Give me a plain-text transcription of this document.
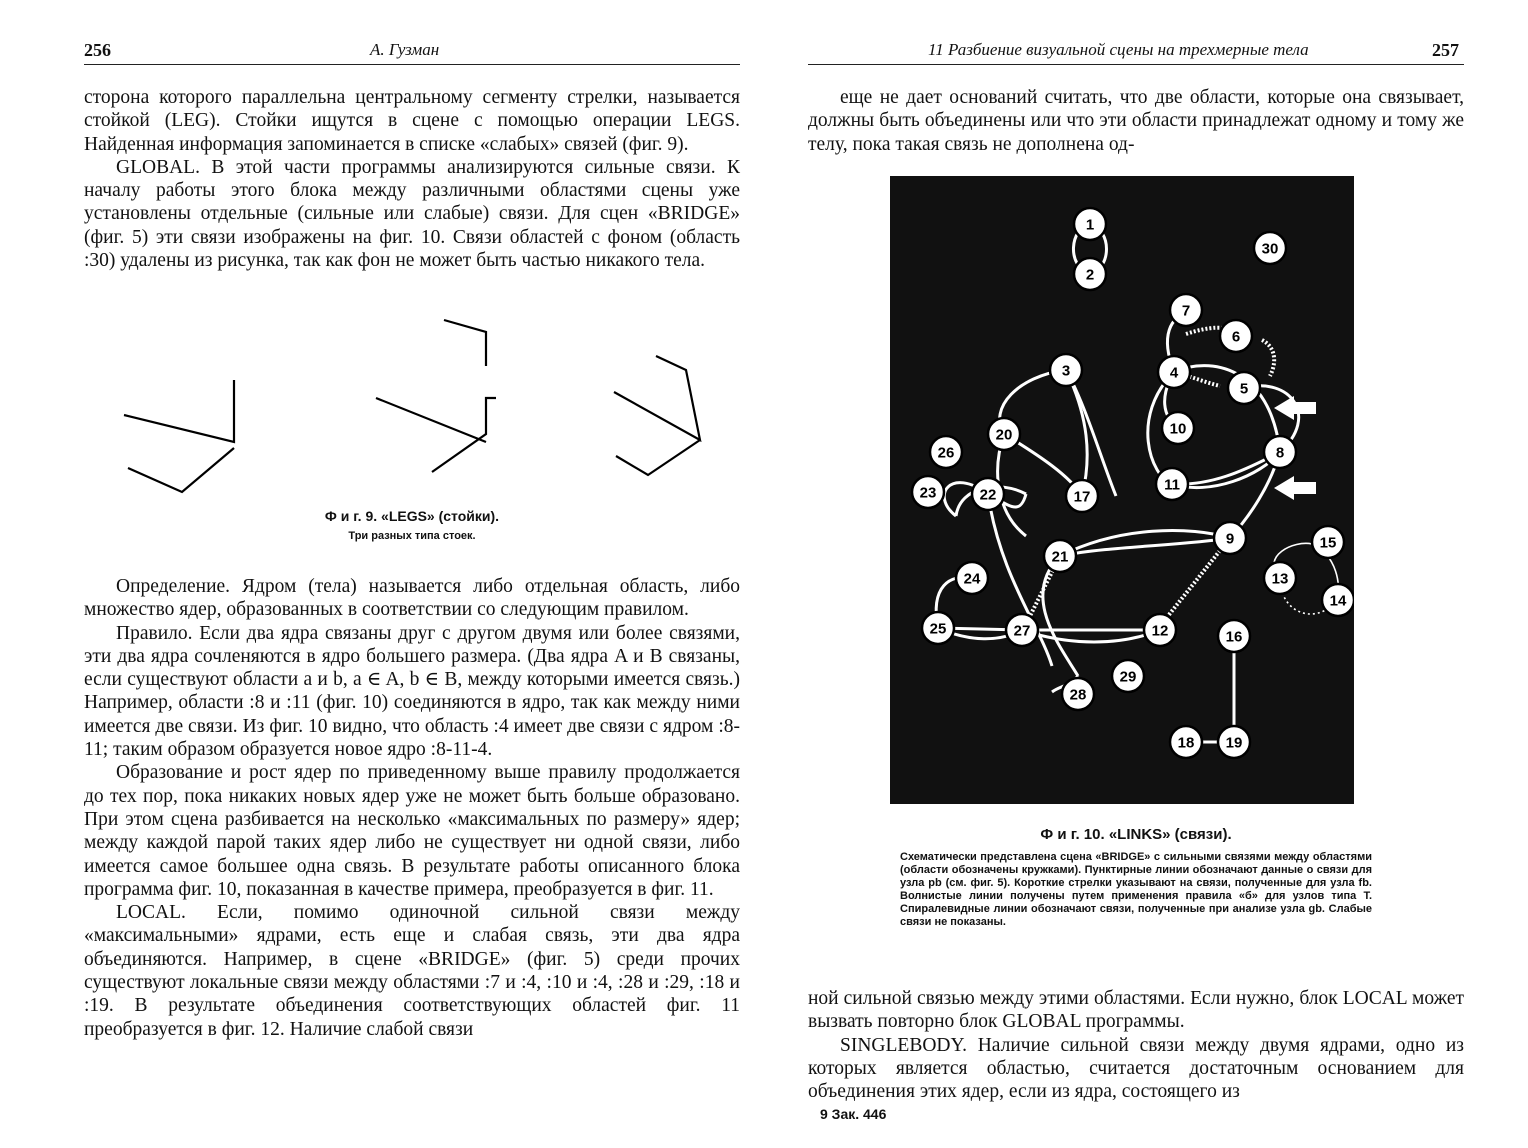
256	А. Гузман

сторона которого параллельна центральному сегменту стрелки, называется стойкой (LEG). Стойки ищутся в сцене с помощью операции LEGS. Найденная информация запоминается в списке «слабых» связей (фиг. 9).

GLOBAL. В этой части программы анализируются сильные связи. К началу работы этого блока между различными областями сцены уже установлены отдельные (сильные или слабые) связи. Для сцен «BRIDGE» (фиг. 5) эти связи изображены на фиг. 10. Связи областей с фоном (область :30) удалены из рисунка, так как фон не может быть частью никакого тела.

Ф и г. 9. «LEGS» (стойки).
Три разных типа стоек.

Определение. Ядром (тела) называется либо отдельная область, либо множество ядер, образованных в соответствии со следующим правилом.

Правило. Если два ядра связаны друг с другом двумя или более связями, эти два ядра сочленяются в ядро большего размера. (Два ядра A и B связаны, если существуют области a и b, a ∈ A, b ∈ B, между которыми имеется связь.) Например, области :8 и :11 (фиг. 10) соединяются в ядро, так как между ними имеется две связи. Из фиг. 10 видно, что область :4 имеет две связи с ядром :8-11; таким образом образуется новое ядро :8-11-4.

Образование и рост ядер по приведенному выше правилу продолжается до тех пор, пока никаких новых ядер уже не может быть больше образовано. При этом сцена разбивается на несколько «максимальных по размеру» ядер; между каждой парой таких ядер либо не существует ни одной связи, либо имеется самое большее одна связь. В результате работы описанного блока программа фиг. 10, показанная в качестве примера, преобразуется в фиг. 11.

LOCAL. Если, помимо одиночной сильной связи между «максимальными» ядрами, есть еще и слабая связь, эти два ядра объединяются. Например, в сцене «BRIDGE» (фиг. 5) среди прочих существуют локальные связи между областями :7 и :4, :10 и :4, :28 и :29, :18 и :19. В результате объединения соответствующих областей фиг. 11 преобразуется в фиг. 12. Наличие слабой связи

11 Разбиение визуальной сцены на трехмерные тела	257

еще не дает оснований считать, что две области, которые она связывает, должны быть объединены или что эти области принадлежат одному и тому же телу, пока такая связь не дополнена од-

1
2
3	4
5
6
7
8
9
10
11
12
13
14
15
16
17
18 19
20
21
22
23
24
25
26
27
28
29
30
Ф и г. 10. «LINKS» (связи).
Схематически представлена сцена «BRIDGE» с сильными связями между областями (области обозначены кружками). Пунктирные линии обозначают данные о связи для узла pb (см. фиг. 5). Короткие стрелки указывают на связи, полученные для узла fb. Волнистые линии получены путем применения правила «б» для узлов типа Т. Спиралевидные линии обозначают связи, полученные при анализе узла gb. Слабые связи не показаны.

ной сильной связью между этими областями. Если нужно, блок LOCAL может вызвать повторно блок GLOBAL программы.

SINGLEBODY. Наличие сильной связи между двумя ядрами, одно из которых является областью, считается достаточным основанием для объединения этих ядер, если из ядра, состоящего из

9 Зак. 446
